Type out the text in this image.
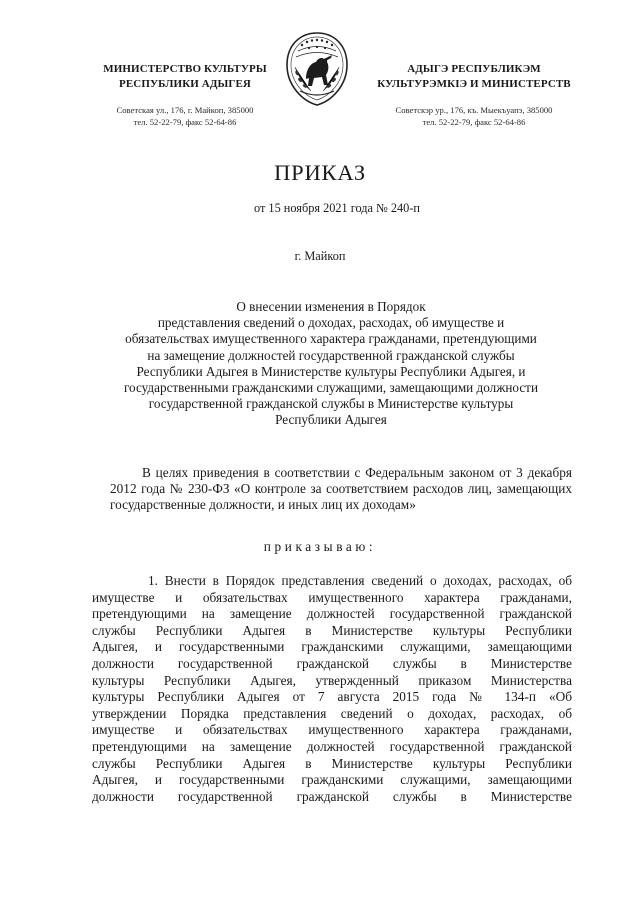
МИНИСТЕРСТВО КУЛЬТУРЫ
РЕСПУБЛИКИ АДЫГЕЯ
Советская ул., 176, г. Майкоп, 385000
тел. 52-22-79, факс 52-64-86
АДЫГЭ РЕСПУБЛИКЭМ
КУЛЬТУРЭМКIЭ И МИНИСТЕРСТВ
Советскэр ур., 176, къ. Мыекъуапэ, 385000
тел. 52-22-79, факс 52-64-86
ПРИКАЗ
от 15 ноября 2021 года № 240-п
г. Майкоп
О внесении изменения в Порядок
представления сведений о доходах, расходах, об имуществе и
обязательствах имущественного характера гражданами, претендующими
на замещение должностей государственной гражданской службы
Республики Адыгея в Министерстве культуры Республики Адыгея, и
государственными гражданскими служащими, замещающими должности
государственной гражданской службы в Министерстве культуры
Республики Адыгея
В целях приведения в соответствии с Федеральным законом от 3 декабря 2012 года № 230-ФЗ «О контроле за соответствием расходов лиц, замещающих государственные должности, и иных лиц их доходам»
приказываю:
1. Внести в Порядок представления сведений о доходах, расходах, об
имуществе и обязательствах имущественного характера гражданами,
претендующими на замещение должностей государственной гражданской
службы Республики Адыгея в Министерстве культуры Республики
Адыгея, и государственными гражданскими служащими, замещающими
должности государственной гражданской службы в Министерстве
культуры Республики Адыгея, утвержденный приказом Министерства
культуры Республики Адыгея от 7 августа 2015 года № 134-п «Об
утверждении Порядка представления сведений о доходах, расходах, об
имуществе и обязательствах имущественного характера гражданами,
претендующими на замещение должностей государственной гражданской
службы Республики Адыгея в Министерстве культуры Республики
Адыгея, и государственными гражданскими служащими, замещающими
должности государственной гражданской службы в Министерстве
